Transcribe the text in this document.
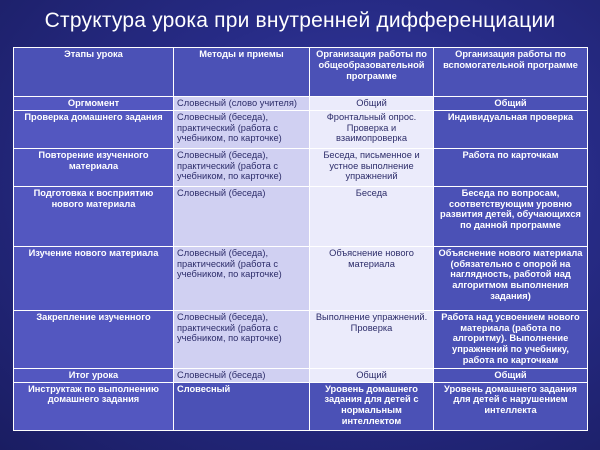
Структура урока при внутренней дифференциации
Этапы урока	Методы и приемы	Организация работы по общеобразовательной программе	Организация работы по вспомогательной программе
Оргмомент	Словесный (слово учителя)	Общий	Общий
Проверка домашнего задания	Словесный (беседа), практический (работа с учебником, по карточке)	Фронтальный опрос. Проверка и взаимопроверка	Индивидуальная проверка
Повторение изученного материала	Словесный (беседа), практический (работа с учебником, по карточке)	Беседа, письменное и устное выполнение упражнений	Работа по карточкам
Подготовка к восприятию нового материала	Словесный (беседа)	Беседа	Беседа по вопросам, соответствующим уровню развития детей, обучающихся по данной программе
Изучение нового материала	Словесный (беседа), практический (работа с учебником, по карточке)	Объяснение нового материала	Объяснение нового материала (обязательно с опорой на наглядность, работой над алгоритмом выполнения задания)
Закрепление изученного	Словесный (беседа), практический (работа с учебником, по карточке)	Выполнение упражнений. Проверка	Работа над усвоением нового материала (работа по алгоритму). Выполнение упражнений по учебнику, работа по карточкам
Итог урока	Словесный (беседа)	Общий	Общий
Инструктаж по выполнению домашнего задания	Словесный	Уровень домашнего задания для детей с нормальным интеллектом	Уровень домашнего задания для детей с нарушением интеллекта
